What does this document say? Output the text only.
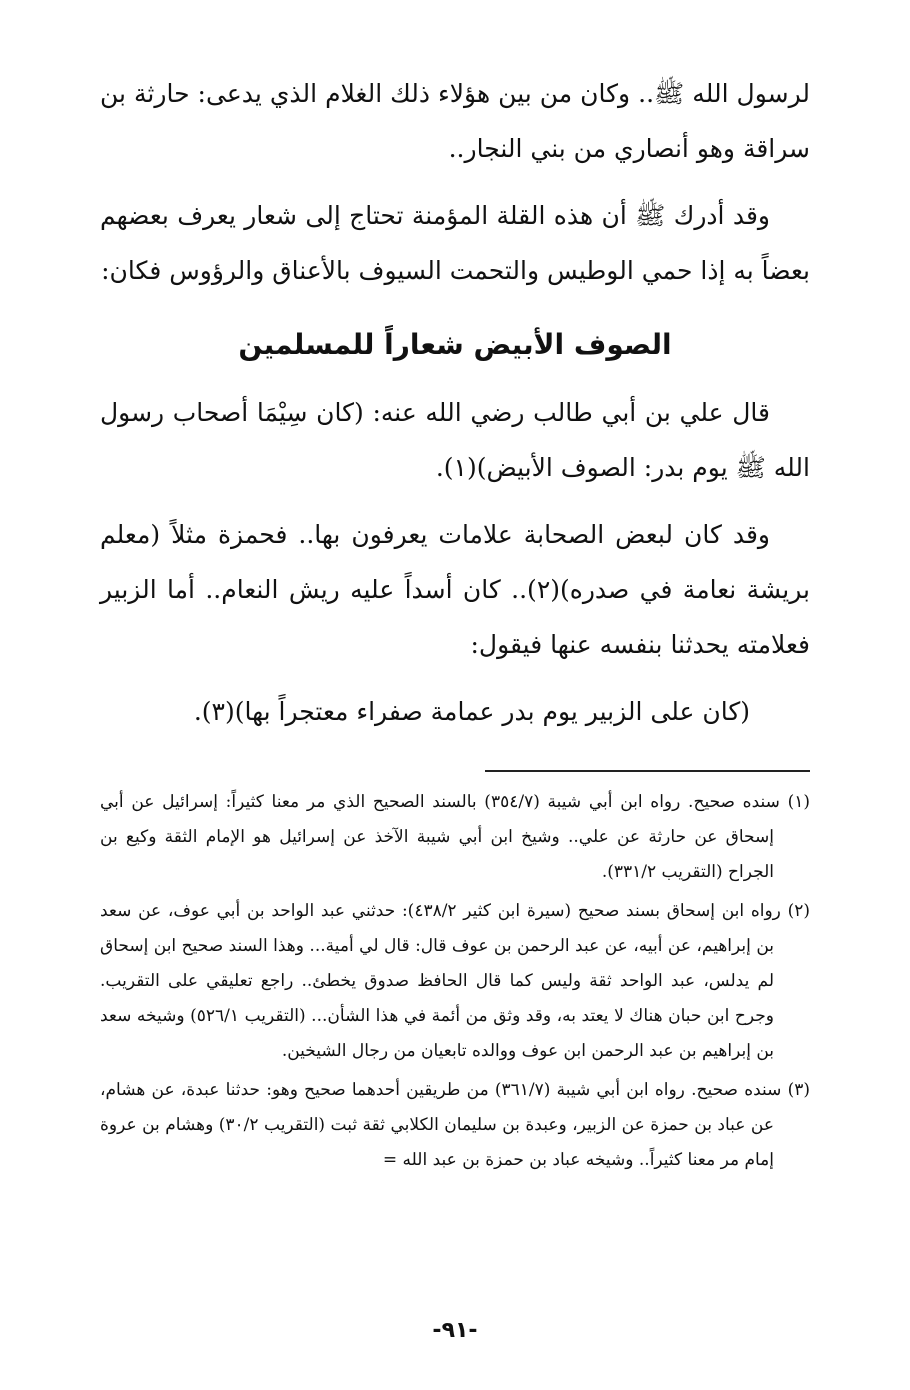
لرسول الله ﷺ.. وكان من بين هؤلاء ذلك الغلام الذي يدعى: حارثة بن سراقة وهو أنصاري من بني النجار..

وقد أدرك ﷺ أن هذه القلة المؤمنة تحتاج إلى شعار يعرف بعضهم بعضاً به إذا حمي الوطيس والتحمت السيوف بالأعناق والرؤوس فكان:

الصوف الأبيض شعاراً للمسلمين

قال علي بن أبي طالب رضي الله عنه: (كان سِيْمَا أصحاب رسول الله ﷺ يوم بدر: الصوف الأبيض)(١).

وقد كان لبعض الصحابة علامات يعرفون بها.. فحمزة مثلاً (معلم بريشة نعامة في صدره)(٢).. كان أسداً عليه ريش النعام.. أما الزبير فعلامته يحدثنا بنفسه عنها فيقول:

(كان على الزبير يوم بدر عمامة صفراء معتجراً بها)(٣).

(١) سنده صحيح. رواه ابن أبي شيبة (٣٥٤/٧) بالسند الصحيح الذي مر معنا كثيراً: إسرائيل عن أبي إسحاق عن حارثة عن علي.. وشيخ ابن أبي شيبة الآخذ عن إسرائيل هو الإمام الثقة وكيع بن الجراح (التقريب ٣٣١/٢).

(٢) رواه ابن إسحاق بسند صحيح (سيرة ابن كثير ٤٣٨/٢): حدثني عبد الواحد بن أبي عوف، عن سعد بن إبراهيم، عن أبيه، عن عبد الرحمن بن عوف قال: قال لي أمية... وهذا السند صحيح ابن إسحاق لم يدلس، عبد الواحد ثقة وليس كما قال الحافظ صدوق يخطئ.. راجع تعليقي على التقريب. وجرح ابن حبان هناك لا يعتد به، وقد وثق من أئمة في هذا الشأن... (التقريب ٥٢٦/١) وشيخه سعد بن إبراهيم بن عبد الرحمن ابن عوف ووالده تابعيان من رجال الشيخين.

(٣) سنده صحيح. رواه ابن أبي شيبة (٣٦١/٧) من طريقين أحدهما صحيح وهو: حدثنا عبدة، عن هشام، عن عباد بن حمزة عن الزبير، وعبدة بن سليمان الكلابي ثقة ثبت (التقريب ٣٠/٢) وهشام بن عروة إمام مر معنا كثيراً.. وشيخه عباد بن حمزة بن عبد الله =

-٩١-
